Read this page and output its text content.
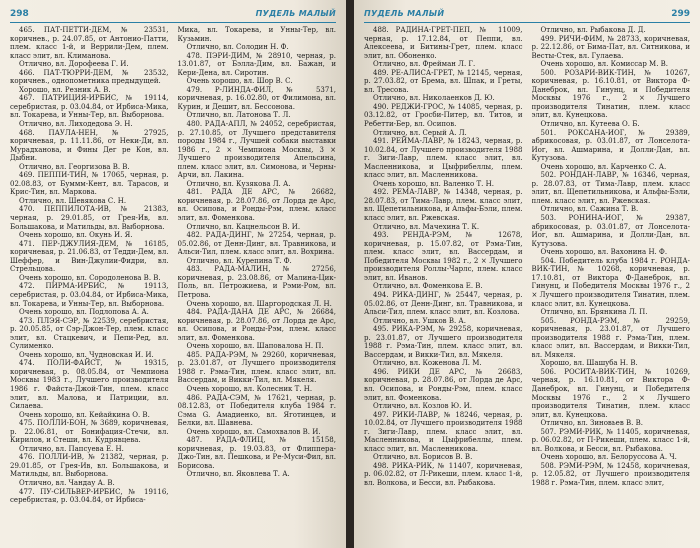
298	ПУДЕЛЬ МАЛЫЙ

465. ПАТ-ПЕТТИ-ДЕМ, № 23531, коричнев., р. 24.07.85, от Антонио-Патти, плем. класс 1-й, и Веррили-Дем, плем. класс элит, вл. Климанова.

Отлично, вл. Дорофеева Г. И.

466. ПАТ-ТЮРРИ-ДЕМ, № 23532, коричнев., однопометника предыдущей.

Хорошо, вл. Резник А. В.

467. ПАТРИЦИЯ-ИРБИС, № 19114, серебристая, р. 03.04.84, от Ирбиса-Мика, вл. Токарева, и Унны-Тер, вл. Выборнова.

Отлично, вл. Лиходедова Э. Н.

468. ПАУЛА-НЕН, № 27925, коричневая, р. 11.11.86, от Неки-Ди, вл. Мурадханова, и Фины Дег ре Кон, вл. Дыбни.

Отлично, вл. Георгизова В. В.

469. ПЕППИ-ТИН, № 17065, черная, р. 02.08.83, от Буммм-Кент, вл. Тарасов, и Крис-Тин, вл. Маркова.

Отлично, вл. Шевякова С. Н.

470. ПЕППИЛОТА-ИВ, № 21383, черная, р. 29.01.85, от Грея-Ив, вл. Большакова, и Матильды, вл. Выборнова.

Очень хорошо, вл. Окунь И. Я.

471. ПЕР-ДЖУЛИЯ-ДЕМ, № 16185, коричневая, р. 21.06.83, от Тедди-Дем, вл. Шеффер, и Вин-Джулии-Фидри, вл. Стрельцова.

Очень хорошо, вл. Сородоленова В. В.

472. ПИРМА-ИРБИС, № 19113, серебристая, р. 03.04.84, от Ирбиса-Мика, вл. Токарева, и Унны-Тер, вл. Выборнова.

Очень хорошо, вл. Подлопова А. А.

473. ПЛЭЯ-СЭР, № 22539, серебристая, р. 20.05.85, от Сэр-Джон-Тер, плем. класс элит, вл. Стацкевич, и Пепи-Ред, вл. Сулименко.

Очень хорошо, вл. Чудновская И. И.

474. ПОЛИ-ФАЙСТ, № 19315, коричневая, р. 08.05.84, от Чемпиона Москвы 1983 г., Лучшего производителя 1986 г. Файста-Джой-Тин, плем. класс элит, вл. Малова, и Патриции, вл. Силаева.

Очень хорошо, вл. Кейайкина О. В.

475. ПОЛЛИ-БОН, № 3689, коричневая, р. 22.06.81, от Бонифация-Стечи, вл. Кирилов, и Стеши, вл. Кудрявцева.

Отлично, вл. Папсуева Е. Н.

476. ПОЛЛИ-ИВ, № 21382, черная, р. 29.01.85, от Грея-Ив, вл. Большакова, и Матильды, вл. Выборнова.

Отлично, вл. Чандау А. В.

477. ПУ-СИЛЬВЕР-ИРБИС, № 19116, серебристая, р. 03.04.84, от Ирбиса-

Мика, вл. Токарева, и Унны-Тер, вл. Кузьмин.

Отлично, вл. Солодин Н. Ф.

478. ПЭРИ-ДИМ, № 28910, черная, р. 13.01.87, от Бэлла-Дим, вл. Бажан, и Кери-Дена, вл. Сиротин.

Очень хорошо, вл. Шор В. С.

479. Р-ЛИНДА-ФИЛ, № 5371, коричневая, р. 16.02.80, от Филимона, вл. Курин, и Дешит, вл. Бессонова.

Отлично, вл. Латонова Т. Л.

480. РАДА-АПЛ, № 24052, серебристая, р. 27.10.85, от Лучшего представителя породы 1984 г., Лучшей собаки выставки 1986 г., 2 × Чемпиона Москвы, 3 × Лучшего производителя Апельсина, плем. класс элит, вл. Симонова, и Черны-Арчи, вл. Лакина.

Отлично, вл. Кузякова Л. А.

481. РАДА ДЕ АРС, № 26682, коричневая, р. 28.07.86, от Лорда де Арс, вл. Осипова, и Ронды-Рэм, плем. класс элит, вл. Фоменкова.

Отлично, вл. Кацнельсон В. И.

482. РАДА-ДИНГ, № 27254, черная, р. 05.02.86, от Денн-Динг, вл. Травникова, и Альси-Тил, плем. класс элит, вл. Вохрина.

Отлично, вл. Курепина Т. Ф.

483. РАДА-МАЛИН, № 27256, коричневая, р. 23.08.86, от Малина-Цик-Поль, вл. Петрожиева, и Рэми-Ром, вл. Петрова.

Очень хорошо, вл. Шаргородская Л. Н.

484. РАДА-ДАНА ДЕ АРС, № 26684, коричневая, р. 28.07.86, от Лорда де Арс, вл. Осипова, и Ронды-Рэм, плем. класс элит, вл. Фоменкова.

Очень хорошо, вл. Шаповалова Н. П.

485. РАДА-РЭМ, № 29260, коричневая, р. 23.01.87, от Лучшего производителя 1988 г. Рэма-Тин, плем. класс элит, вл. Вассердам, и Викки-Тил, вл. Мякеля.

Очень хорошо, вл. Колесник Т. Н.

486. РАДА-СЭМ, № 17621, черная, р. 08.12.83, от Победителя клуба 1984 г. Сэма G. Амадиенко, вл. Яготинцев, и Белки, вл. Шавнева.

Очень хорошо, вл. Самохвалов В. И.

487. РАДА-ФЛИЦ, № 15158, коричневая, р. 19.03.83, от Флиппера-Джо-Тин, вл. Пешкова, и Ре-Муси-Фил, вл. Борисова.

Отлично, вл. Яковлева Т. А.

ПУДЕЛЬ МАЛЫЙ	299

488. РАДИНА-ГРЕТ-ПЕП, № 11009, черная, р. 17.12.84, от Пеппи, вл. Алексеева, и Битины-Грет, плем. класс элит, вл. Обоненко.

Отлично, вл. Фрейман Л. Г.

489. РЕ-АЛИСА-ГРЕТ, № 12145, черная, р. 27.03.82, от Брема, вл. Шпак, и Греты, вл. Тресова.

Отлично, вл. Николаенков Д. Ю.

490. РЕДЖИ-ГРОС, № 14085, черная, р. 03.12.82, от Гросби-Питер, вл. Титов, и Ребетти-Бер, вл. Осипов.

Отлично, вл. Серый А. Л.

491. РЕЙМА-ЛАВР, № 18243, черная, р. 10.02.84, от Лучшего производителя 1988 г. Зиги-Лавр, плем. класс элит, вл. Масленникова, и Цыфрибеллы, плем. класс элит, вл. Масленникова.

Очень хорошо, вл. Валенко Т. Н.

492. РЕМА-ЛАВР, № 14348, черная, р. 28.07.83, от Тима-Лавр, плем. класс элит, вл. Щепетильникова, и Альфы-Бэли, плем. класс элит, вл. Ржевская.

Отлично, вл. Мачехина Т. К.

493. РЕНДА-РЭМ, № 12678, коричневая, р. 15.07.82, от Рэма-Тин, плем. класс элит, вл. Вассердам, и Победителя Москвы 1982 г., 2 × Лучшего производителя Роллы-Чарлс, плем. класс элит, вл. Иванов.

Отлично, вл. Фоменкова Е. В.

494. РИКА-ДИНГ, № 25447, черная, р. 05.02.86, от Денн-Динг, вл. Травникова, и Альси-Тил, плем. класс элит, вл. Козлова.

Отлично, вл. Ушков В. А.

495. РИКА-РЭМ, № 29258, коричневая, р. 23.01.87, от Лучшего производителя 1988 г. Рэма-Тин, плем. класс элит, вл. Вассердам, и Викки-Тил, вл. Мякеля.

Отлично, вл. Коженова Л. М.

496. РИКИ ДЕ АРС, № 26683, коричневая, р. 28.07.86, от Лорда де Арс, вл. Осипова, и Ронды-Рэм, плем. класс элит, вл. Фоменкова.

Отлично, вл. Козлов Ю. И.

497. РИКИ-ЛАВР, № 18246, черная, р. 10.02.84, от Лучшего производителя 1988 г. Зиги-Лавр, плем. класс элит, вл. Масленникова, и Цыфрибеллы, плем. класс элит, вл. Масленникова.

Отлично, вл. Борисов В. В.

498. РИКА-РИК, № 11407, коричневая, р. 06.02.82, от Л-Рикеши, плем. класс 1-й, вл. Волкова, и Бесси, вл. Рыбакова.

Отлично, вл. Рыбакова Д. Д.

499. РИЧИ-ФИМ, № 28733, коричневая, р. 22.12.86, от Бима-Пат, вл. Ситникова, и Весты-Стек, вл. Гулаева.

Очень хорошо, вл. Комиссар М. В.

500. РОЗАРИ-ВИК-ТИН, № 10267, коричневая, р. 16.10.81, от Виктора Ф-Данеброк, вл. Гинунц, и Победителя Москвы 1976 г., 2 × Лучшего производителя Тинатин, плем. класс элит, вл. Кунецкова.

Отлично, вл. Кутеева О. Б.

501. РОКСАНА-ИОГ, № 29389, абрикосовая, р. 03.01.87, от Лонселота-Иог, вл. Ашмарина, и Долли-Дан, вл. Кутузова.

Очень хорошо, вл. Карченко С. А.

502. РОНДАН-ЛАВР, № 16346, черная, р. 28.07.83, от Тима-Лавр, плем. класс элит, вл. Щепетильникова, и Альфы-Бэли, плем. класс элит, вл. Ржевская.

Отлично, вл. Сажина Т. В.

503. РОНИНА-ИОГ, № 29387, абрикосовая, р. 03.01.87, от Лонселота-Иог, вл. Ашмарина, и Долли-Дан, вл. Кутузова.

Очень хорошо, вл. Вахонина Н. Ф.

504. Победитель клуба 1984 г. РОНДА-ВИК-ТИН, № 10268, коричневая, р. 17.10.81, от Виктора Ф-Данеброк, вл. Гинунц, и Победителя Москвы 1976 г., 2 × Лучшего производителя Тинатин, плем. класс элит, вл. Кунецкова.

Отлично, вл. Брянкина Л. П.

505. РОНДА-РЭМ, № 29259, коричневая, р. 23.01.87, от Лучшего производителя 1988 г. Рэма-Тин, плем. класс элит, вл. Вассердам, и Викки-Тил, вл. Мякеля.

Хорошо, вл. Шашуба Н. В.

506. РОСИТА-ВИК-ТИН, № 10269, черная, р. 16.10.81, от Виктора Ф-Данеброк, вл. Гинунц, и Победителя Москвы 1976 г., 2 × Лучшего производителя Тинатин, плем. класс элит, вл. Кунецкова.

Отлично, вл. Зиновьев В. В.

507. РЭМИ-РИК, № 11405, коричневая, р. 06.02.82, от П-Рикеши, плем. класс 1-й, вл. Волкова, и Бесси, вл. Рыбакова.

Очень хорошо, вл. Белоруссова А. Ч.

508. РЭМИ-РЭМ, № 12458, коричневая, р. 12.05.82, от Лучшего производителя 1988 г. Рэма-Тин, плем. класс элит,
